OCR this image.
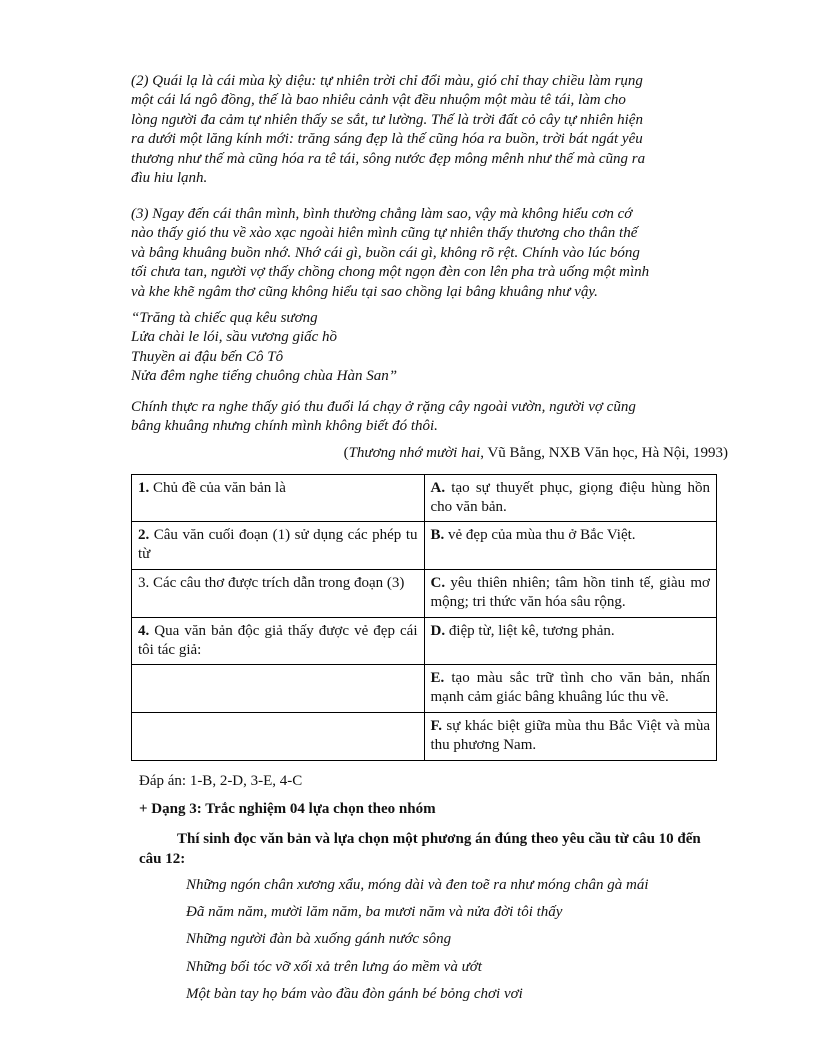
(2) Quái lạ là cái mùa kỳ diệu: tự nhiên trời chỉ đổi màu, gió chỉ thay chiều làm rụng
một cái lá ngô đồng, thế là bao nhiêu cảnh vật đều nhuộm một màu tê tái, làm cho
lòng người đa cảm tự nhiên thấy se sắt, tư lường. Thế là trời đất cỏ cây tự nhiên hiện
ra dưới một lăng kính mới: trăng sáng đẹp là thế cũng hóa ra buồn, trời bát ngát yêu
thương như thế mà cũng hóa ra tê tái, sông nước đẹp mông mênh như thế mà cũng ra
đìu hiu lạnh.
(3) Ngay đến cái thân mình, bình thường chẳng làm sao, vậy mà không hiểu cơn cớ
nào thấy gió thu về xào xạc ngoài hiên mình cũng tự nhiên thấy thương cho thân thế
và bâng khuâng buồn nhớ. Nhớ cái gì, buồn cái gì, không rõ rệt. Chính vào lúc bóng
tối chưa tan, người vợ thấy chồng chong một ngọn đèn con lên pha trà uống một mình
và khe khẽ ngâm thơ cũng không hiểu tại sao chồng lại bâng khuâng như vậy.
“Trăng tà chiếc quạ kêu sương
Lửa chài le lói, sầu vương giấc hồ
Thuyền ai đậu bến Cô Tô
Nửa đêm nghe tiếng chuông chùa Hàn San”
Chính thực ra nghe thấy gió thu đuổi lá chạy ở rặng cây ngoài vườn, người vợ cũng
bâng khuâng nhưng chính mình không biết đó thôi.
(Thương nhớ mười hai, Vũ Bằng, NXB Văn học, Hà Nội, 1993)
1. Chủ đề của văn bản là	A. tạo sự thuyết phục, giọng điệu hùng hồn cho văn bản.
2. Câu văn cuối đoạn (1) sử dụng các phép tu từ	B. vẻ đẹp của mùa thu ở Bắc Việt.
3. Các câu thơ được trích dẫn trong đoạn (3)	C. yêu thiên nhiên; tâm hồn tinh tế, giàu mơ mộng; tri thức văn hóa sâu rộng.
4. Qua văn bản độc giả thấy được vẻ đẹp cái tôi tác giả:	D. điệp từ, liệt kê, tương phản.
	E. tạo màu sắc trữ tình cho văn bản, nhấn mạnh cảm giác bâng khuâng lúc thu về.
	F. sự khác biệt giữa mùa thu Bắc Việt và mùa thu phương Nam.
Đáp án: 1-B, 2-D, 3-E, 4-C
+ Dạng 3: Trắc nghiệm 04 lựa chọn theo nhóm
Thí sinh đọc văn bản và lựa chọn một phương án đúng theo yêu cầu từ câu 10 đến câu 12:
Những ngón chân xương xẩu, móng dài và đen toẽ ra như móng chân gà mái
Đã năm năm, mười lăm năm, ba mươi năm và nửa đời tôi thấy
Những người đàn bà xuống gánh nước sông
Những bối tóc vỡ xối xả trên lưng áo mềm và ướt
Một bàn tay họ bám vào đầu đòn gánh bé bỏng chơi vơi
